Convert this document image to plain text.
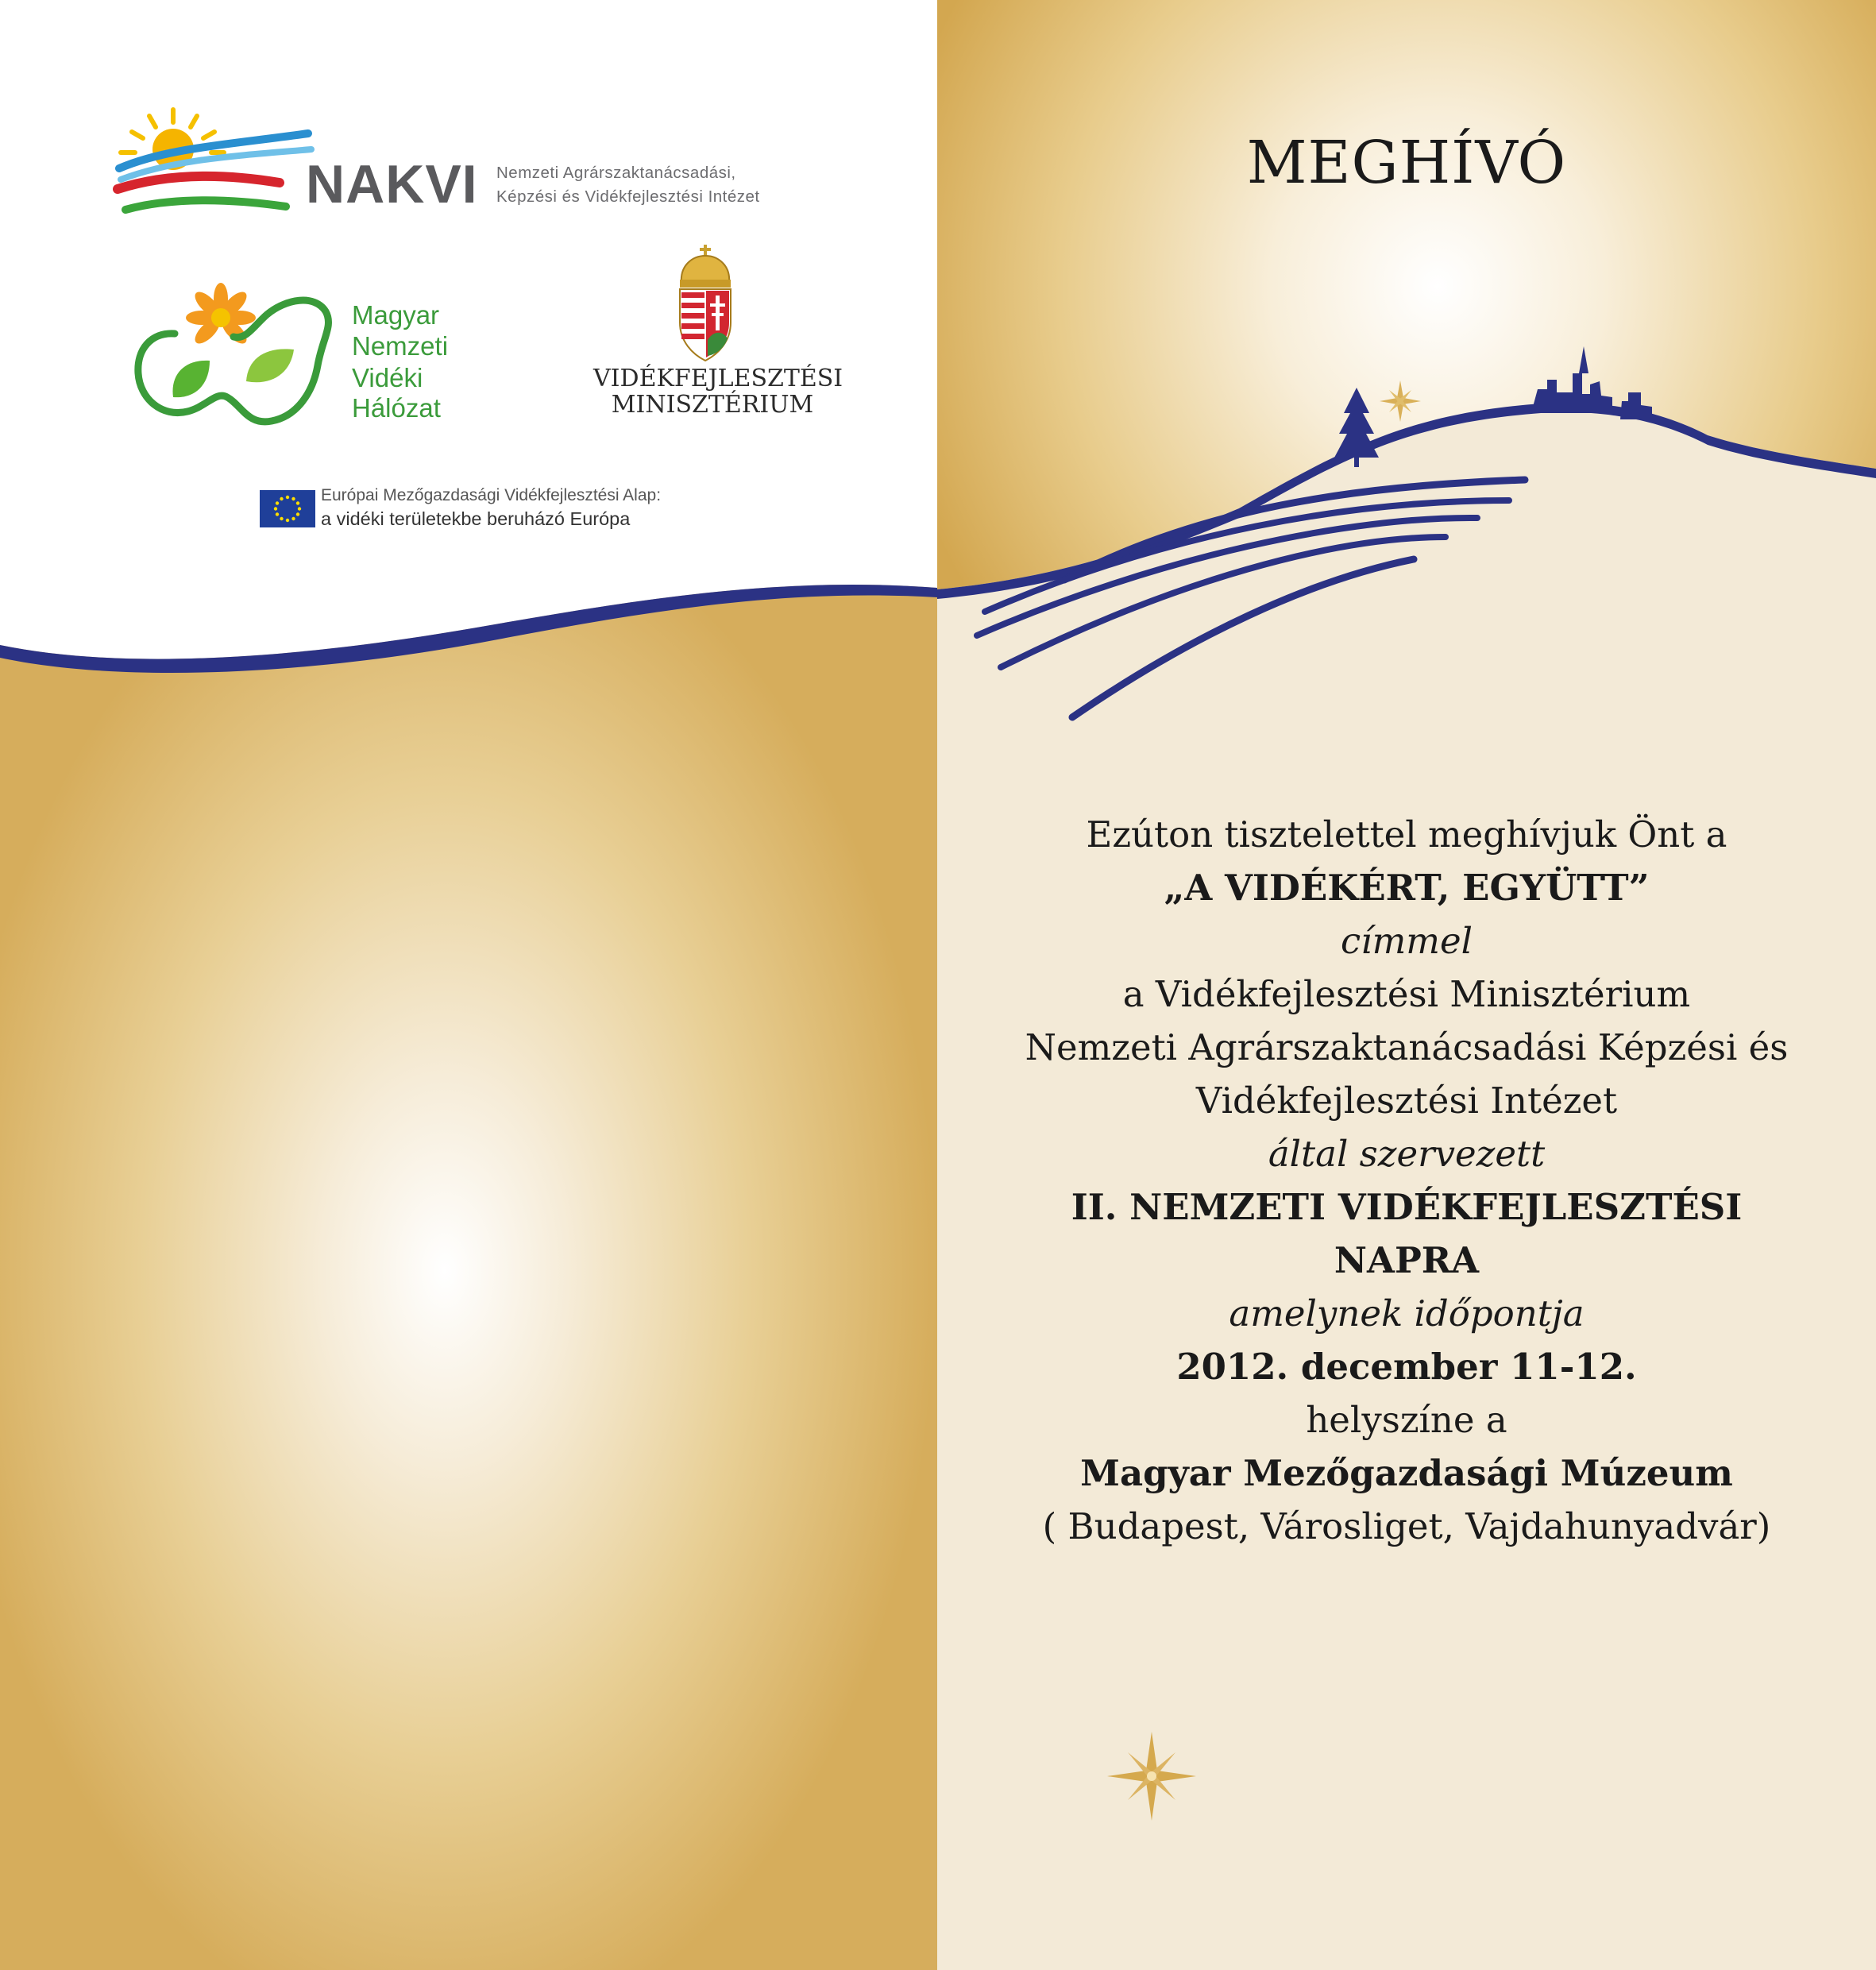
NAKVI Nemzeti Agrárszaktanácsadási,
Képzési és Vidékfejlesztési Intézet
Magyar
Nemzeti
Vidéki
Hálózat
VIDÉKFEJLESZTÉSI
MINISZTÉRIUM
Európai Mezőgazdasági Vidékfejlesztési Alap:
a vidéki területekbe beruházó Európa
MEGHÍVÓ
Ezúton tisztelettel meghívjuk Önt a
„A VIDÉKÉRT, EGYÜTT”
címmel
a Vidékfejlesztési Minisztérium
Nemzeti Agrárszaktanácsadási Képzési és
Vidékfejlesztési Intézet
által szervezett
II. NEMZETI VIDÉKFEJLESZTÉSI
NAPRA
amelynek időpontja
2012. december 11-12.
helyszíne a
Magyar Mezőgazdasági Múzeum
( Budapest, Városliget, Vajdahunyadvár)
